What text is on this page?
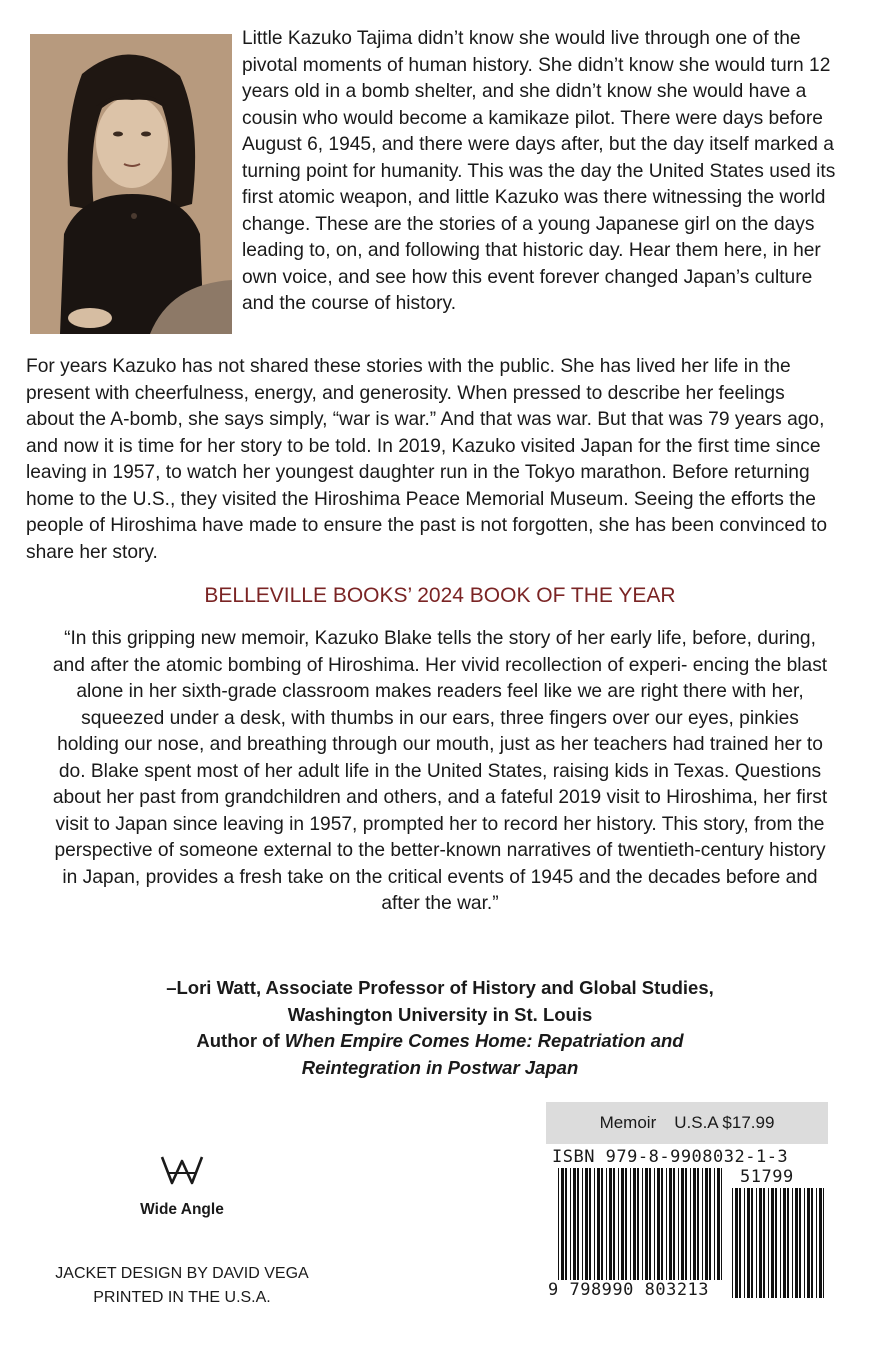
Little Kazuko Tajima didn’t know she would live through one of the pivotal moments of human history. She didn’t know she would turn 12 years old in a bomb shelter, and she didn’t know she would have a cousin who would become a kamikaze pilot. There were days before August 6, 1945, and there were days after, but the day itself marked a turning point for humanity. This was the day the United States used its first atomic weapon, and little Kazuko was there witnessing the world change. These are the stories of a young Japanese girl on the days leading to, on, and following that historic day. Hear them here, in her own voice, and see how this event forever changed Japan’s culture and the course of history.

For years Kazuko has not shared these stories with the public. She has lived her life in the present with cheerfulness, energy, and generosity. When pressed to describe her feelings about the A-bomb, she says simply, “war is war.” And that was war. But that was 79 years ago, and now it is time for her story to be told. In 2019, Kazuko visited Japan for the first time since leaving in 1957, to watch her youngest daughter run in the Tokyo marathon. Before returning home to the U.S., they visited the Hiroshima Peace Memorial Museum. Seeing the efforts the people of Hiroshima have made to ensure the past is not forgotten, she has been convinced to share her story.

BELLEVILLE BOOKS’ 2024 BOOK OF THE YEAR

“In this gripping new memoir, Kazuko Blake tells the story of her early life, before, during, and after the atomic bombing of Hiroshima. Her vivid recollection of experi- encing the blast alone in her sixth-grade classroom makes readers feel like we are right there with her, squeezed under a desk, with thumbs in our ears, three fingers over our eyes, pinkies holding our nose, and breathing through our mouth, just as her teachers had trained her to do. Blake spent most of her adult life in the United States, raising kids in Texas. Questions about her past from grandchildren and others, and a fateful 2019 visit to Hiroshima, her first visit to Japan since leaving in 1957, prompted her to record her history. This story, from the perspective of someone external to the better-known narratives of twentieth-century history in Japan, provides a fresh take on the critical events of 1945 and the decades before and after the war.”

–Lori Watt, Associate Professor of History and Global Studies,
Washington University in St. Louis
Author of When Empire Comes Home: Repatriation and
Reintegration in Postwar Japan
Wide Angle
JACKET DESIGN BY DAVID VEGA
PRINTED IN THE U.S.A.
Memoir U.S.A $17.99
ISBN 979-8-9908032-1-3
51799
9 798990 803213
